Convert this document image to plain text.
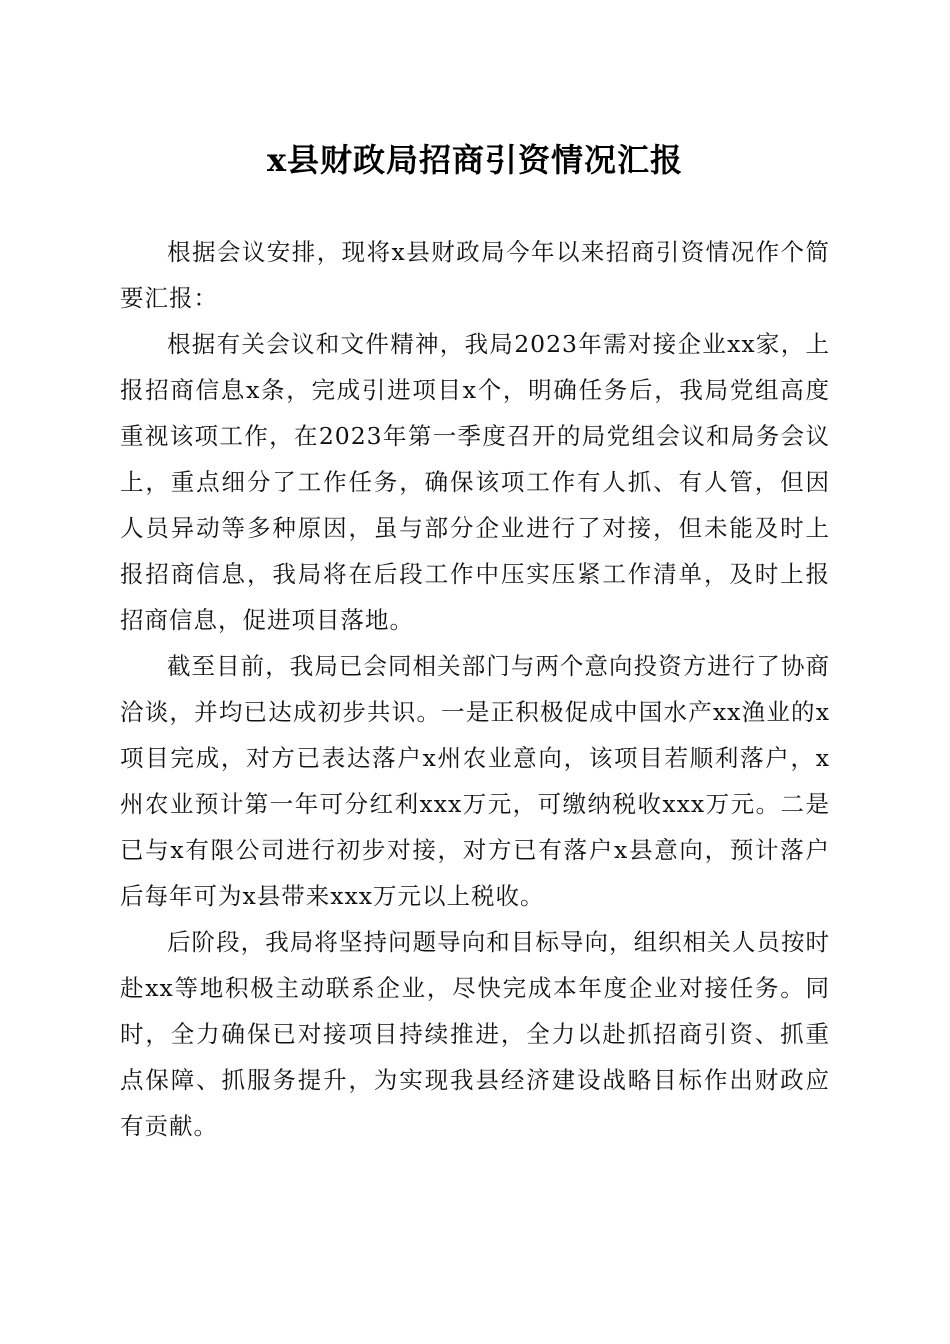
x县财政局招商引资情况汇报

根据会议安排，现将x县财政局今年以来招商引资情况作个简要汇报：

根据有关会议和文件精神，我局2023年需对接企业xx家，上报招商信息x条，完成引进项目x个，明确任务后，我局党组高度重视该项工作，在2023年第一季度召开的局党组会议和局务会议上，重点细分了工作任务，确保该项工作有人抓、有人管，但因人员异动等多种原因，虽与部分企业进行了对接，但未能及时上报招商信息，我局将在后段工作中压实压紧工作清单，及时上报招商信息，促进项目落地。

截至目前，我局已会同相关部门与两个意向投资方进行了协商洽谈，并均已达成初步共识。一是正积极促成中国水产xx渔业的x项目完成，对方已表达落户x州农业意向，该项目若顺利落户，x州农业预计第一年可分红利xxx万元，可缴纳税收xxx万元。二是已与x有限公司进行初步对接，对方已有落户x县意向，预计落户后每年可为x县带来xxx万元以上税收。

后阶段，我局将坚持问题导向和目标导向，组织相关人员按时赴xx等地积极主动联系企业，尽快完成本年度企业对接任务。同时，全力确保已对接项目持续推进，全力以赴抓招商引资、抓重点保障、抓服务提升，为实现我县经济建设战略目标作出财政应有贡献。
